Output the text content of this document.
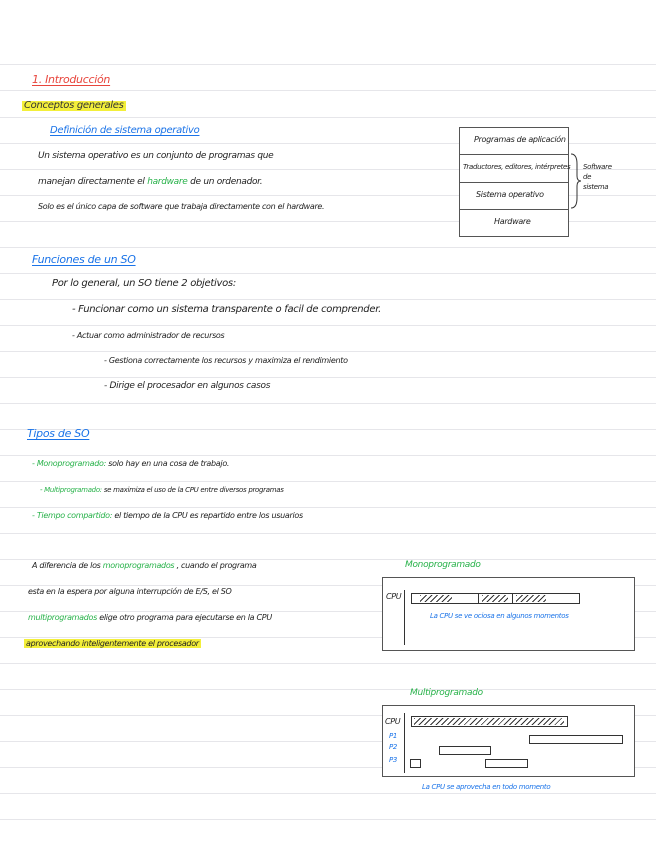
1. Introducción
Conceptos generales
Definición de sistema operativo
Un sistema operativo es un conjunto de programas que
manejan directamente el hardware de un ordenador.
Solo es el único capa de software que trabaja directamente con el hardware.
Programas de aplicación
Traductores, editores, intérpretes
Sistema operativo
Hardware
Software de sistema
Funciones de un SO
Por lo general, un SO tiene 2 objetivos:
- Funcionar como un sistema transparente o facil de comprender.
- Actuar como administrador de recursos
- Gestiona correctamente los recursos y maximiza el rendimiento
- Dirige el procesador en algunos casos
Tipos de SO
- Monoprogramado: solo hay en una cosa de trabajo.
- Multiprogramado: se maximiza el uso de la CPU entre diversos programas
- Tiempo compartido: el tiempo de la CPU es repartido entre los usuarios
A diferencia de los monoprogramados , cuando el programa
esta en la espera por alguna interrupción de E/S, el SO
multiprogramados elige otro programa para ejecutarse en la CPU
aprovechando inteligentemente el procesador
Monoprogramado
CPU
La CPU se ve ociosa en algunos momentos
Multiprogramado
CPU
P1
P2
P3
La CPU se aprovecha en todo momento
